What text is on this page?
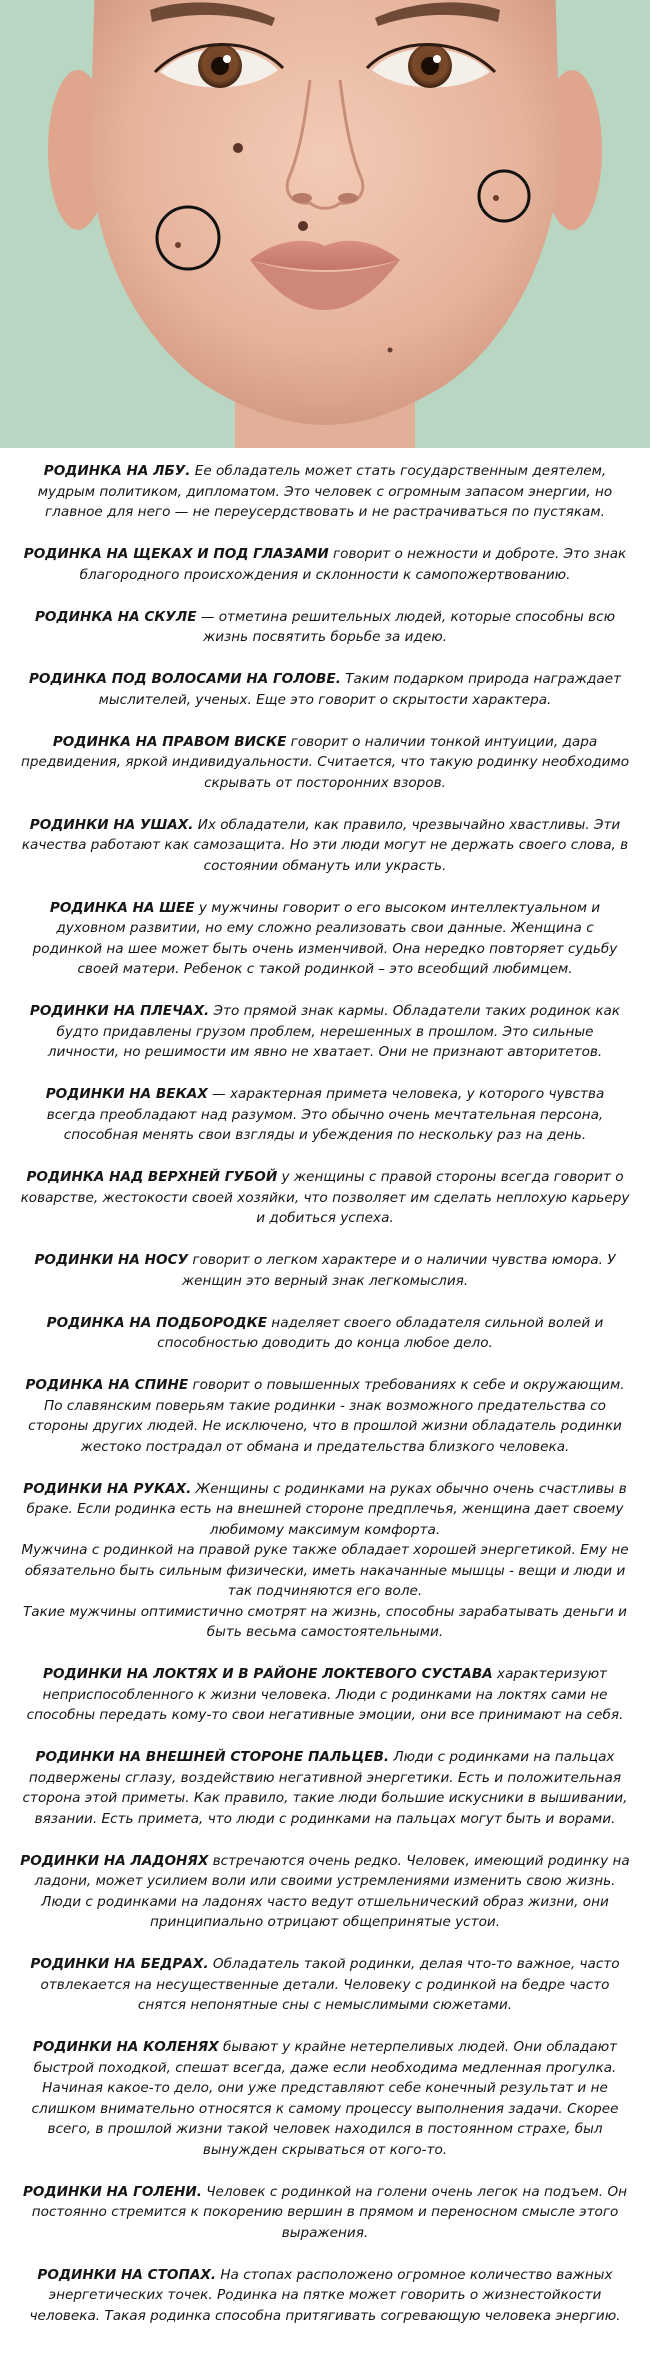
РОДИНКА НА ЛБУ. Ее обладатель может стать государственным деятелем, мудрым политиком, дипломатом. Это человек с огромным запасом энергии, но главное для него — не переусердствовать и не растрачиваться по пустякам.

РОДИНКА НА ЩЕКАХ И ПОД ГЛАЗАМИ говорит о нежности и доброте. Это знак благородного происхождения и склонности к самопожертвованию.

РОДИНКА НА СКУЛЕ — отметина решительных людей, которые способны всю жизнь посвятить борьбе за идею.

РОДИНКА ПОД ВОЛОСАМИ НА ГОЛОВЕ. Таким подарком природа награждает мыслителей, ученых. Еще это говорит о скрытости характера.

РОДИНКА НА ПРАВОМ ВИСКЕ говорит о наличии тонкой интуиции, дара предвидения, яркой индивидуальности. Считается, что такую родинку необходимо скрывать от посторонних взоров.

РОДИНКИ НА УШАХ. Их обладатели, как правило, чрезвычайно хвастливы. Эти качества работают как самозащита. Но эти люди могут не держать своего слова, в состоянии обмануть или украсть.

РОДИНКА НА ШЕЕ у мужчины говорит о его высоком интеллектуальном и духовном развитии, но ему сложно реализовать свои данные. Женщина с родинкой на шее может быть очень изменчивой. Она нередко повторяет судьбу своей матери. Ребенок с такой родинкой – это всеобщий любимцем.

РОДИНКИ НА ПЛЕЧАХ. Это прямой знак кармы. Обладатели таких родинок как будто придавлены грузом проблем, нерешенных в прошлом. Это сильные личности, но решимости им явно не хватает. Они не признают авторитетов.

РОДИНКИ НА ВЕКАХ — характерная примета человека, у которого чувства всегда преобладают над разумом. Это обычно очень мечтательная персона, способная менять свои взгляды и убеждения по нескольку раз на день.

РОДИНКА НАД ВЕРХНЕЙ ГУБОЙ у женщины с правой стороны всегда говорит о коварстве, жестокости своей хозяйки, что позволяет им сделать неплохую карьеру и добиться успеха.

РОДИНКИ НА НОСУ говорит о легком характере и о наличии чувства юмора. У женщин это верный знак легкомыслия.

РОДИНКА НА ПОДБОРОДКЕ наделяет своего обладателя сильной волей и способностью доводить до конца любое дело.

РОДИНКА НА СПИНЕ говорит о повышенных требованиях к себе и окружающим. По славянским поверьям такие родинки - знак возможного предательства со стороны других людей. Не исключено, что в прошлой жизни обладатель родинки жестоко пострадал от обмана и предательства близкого человека.

РОДИНКИ НА РУКАХ. Женщины с родинками на руках обычно очень счастливы в браке. Если родинка есть на внешней стороне предплечья, женщина дает своему любимому максимум комфорта.
Мужчина с родинкой на правой руке также обладает хорошей энергетикой. Ему не обязательно быть сильным физически, иметь накачанные мышцы - вещи и люди и так подчиняются его воле.
Такие мужчины оптимистично смотрят на жизнь, способны зарабатывать деньги и быть весьма самостоятельными.

РОДИНКИ НА ЛОКТЯХ И В РАЙОНЕ ЛОКТЕВОГО СУСТАВА характеризуют неприспособленного к жизни человека. Люди с родинками на локтях сами не способны передать кому-то свои негативные эмоции, они все принимают на себя.

РОДИНКИ НА ВНЕШНЕЙ СТОРОНЕ ПАЛЬЦЕВ. Люди с родинками на пальцах подвержены сглазу, воздействию негативной энергетики. Есть и положительная сторона этой приметы. Как правило, такие люди большие искусники в вышивании, вязании. Есть примета, что люди с родинками на пальцах могут быть и ворами.

РОДИНКИ НА ЛАДОНЯХ встречаются очень редко. Человек, имеющий родинку на ладони, может усилием воли или своими устремлениями изменить свою жизнь. Люди с родинками на ладонях часто ведут отшельнический образ жизни, они принципиально отрицают общепринятые устои.

РОДИНКИ НА БЕДРАХ. Обладатель такой родинки, делая что-то важное, часто отвлекается на несущественные детали. Человеку с родинкой на бедре часто снятся непонятные сны с немыслимыми сюжетами.

РОДИНКИ НА КОЛЕНЯХ бывают у крайне нетерпеливых людей. Они обладают быстрой походкой, спешат всегда, даже если необходима медленная прогулка. Начиная какое-то дело, они уже представляют себе конечный результат и не слишком внимательно относятся к самому процессу выполнения задачи. Скорее всего, в прошлой жизни такой человек находился в постоянном страхе, был вынужден скрываться от кого-то.

РОДИНКИ НА ГОЛЕНИ. Человек с родинкой на голени очень легок на подъем. Он постоянно стремится к покорению вершин в прямом и переносном смысле этого выражения.

РОДИНКИ НА СТОПАХ. На стопах расположено огромное количество важных энергетических точек. Родинка на пятке может говорить о жизнестойкости человека. Такая родинка способна притягивать согревающую человека энергию.
